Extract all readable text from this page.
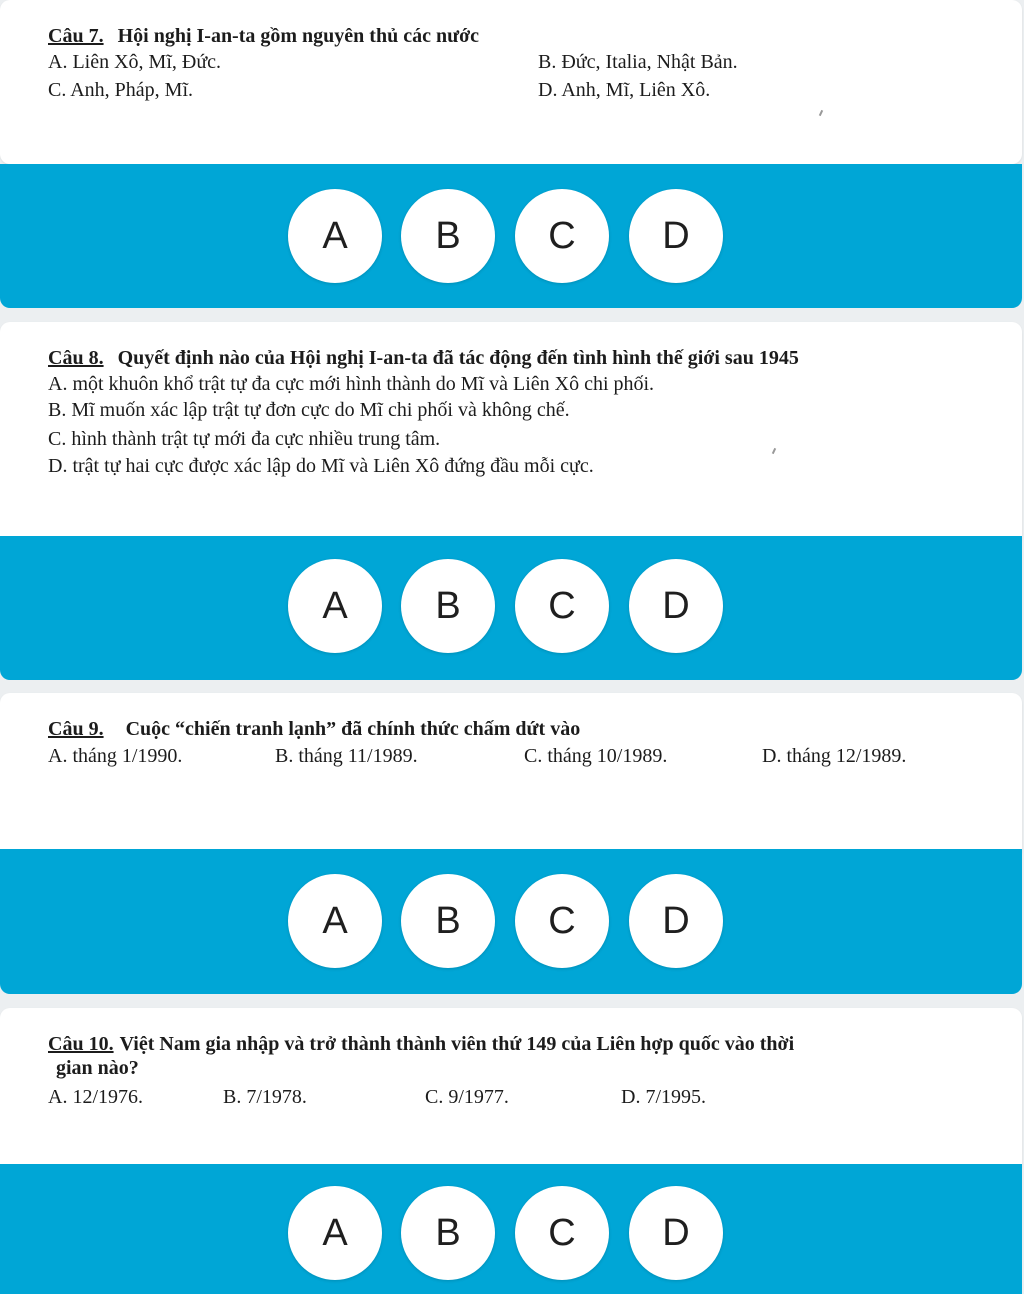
Câu 7. Hội nghị I-an-ta gồm nguyên thủ các nước
A. Liên Xô, Mĩ, Đức.	B. Đức, Italia, Nhật Bản.
C. Anh, Pháp, Mĩ.	D. Anh, Mĩ, Liên Xô.
A	B	C	D
Câu 8. Quyết định nào của Hội nghị I-an-ta đã tác động đến tình hình thế giới sau 1945
A. một khuôn khổ trật tự đa cực mới hình thành do Mĩ và Liên Xô chi phối.
B. Mĩ muốn xác lập trật tự đơn cực do Mĩ chi phối và không chế.
C. hình thành trật tự mới đa cực nhiều trung tâm.
D. trật tự hai cực được xác lập do Mĩ và Liên Xô đứng đầu mỗi cực.
A	B	C	D
Câu 9. Cuộc “chiến tranh lạnh” đã chính thức chấm dứt vào
A. tháng 1/1990.	B. tháng 11/1989.	C. tháng 10/1989.	D. tháng 12/1989.
A	B	C	D
Câu 10. Việt Nam gia nhập và trở thành thành viên thứ 149 của Liên hợp quốc vào thời
gian nào?
A. 12/1976.	B. 7/1978.	C. 9/1977.	D. 7/1995.
A	B	C	D
